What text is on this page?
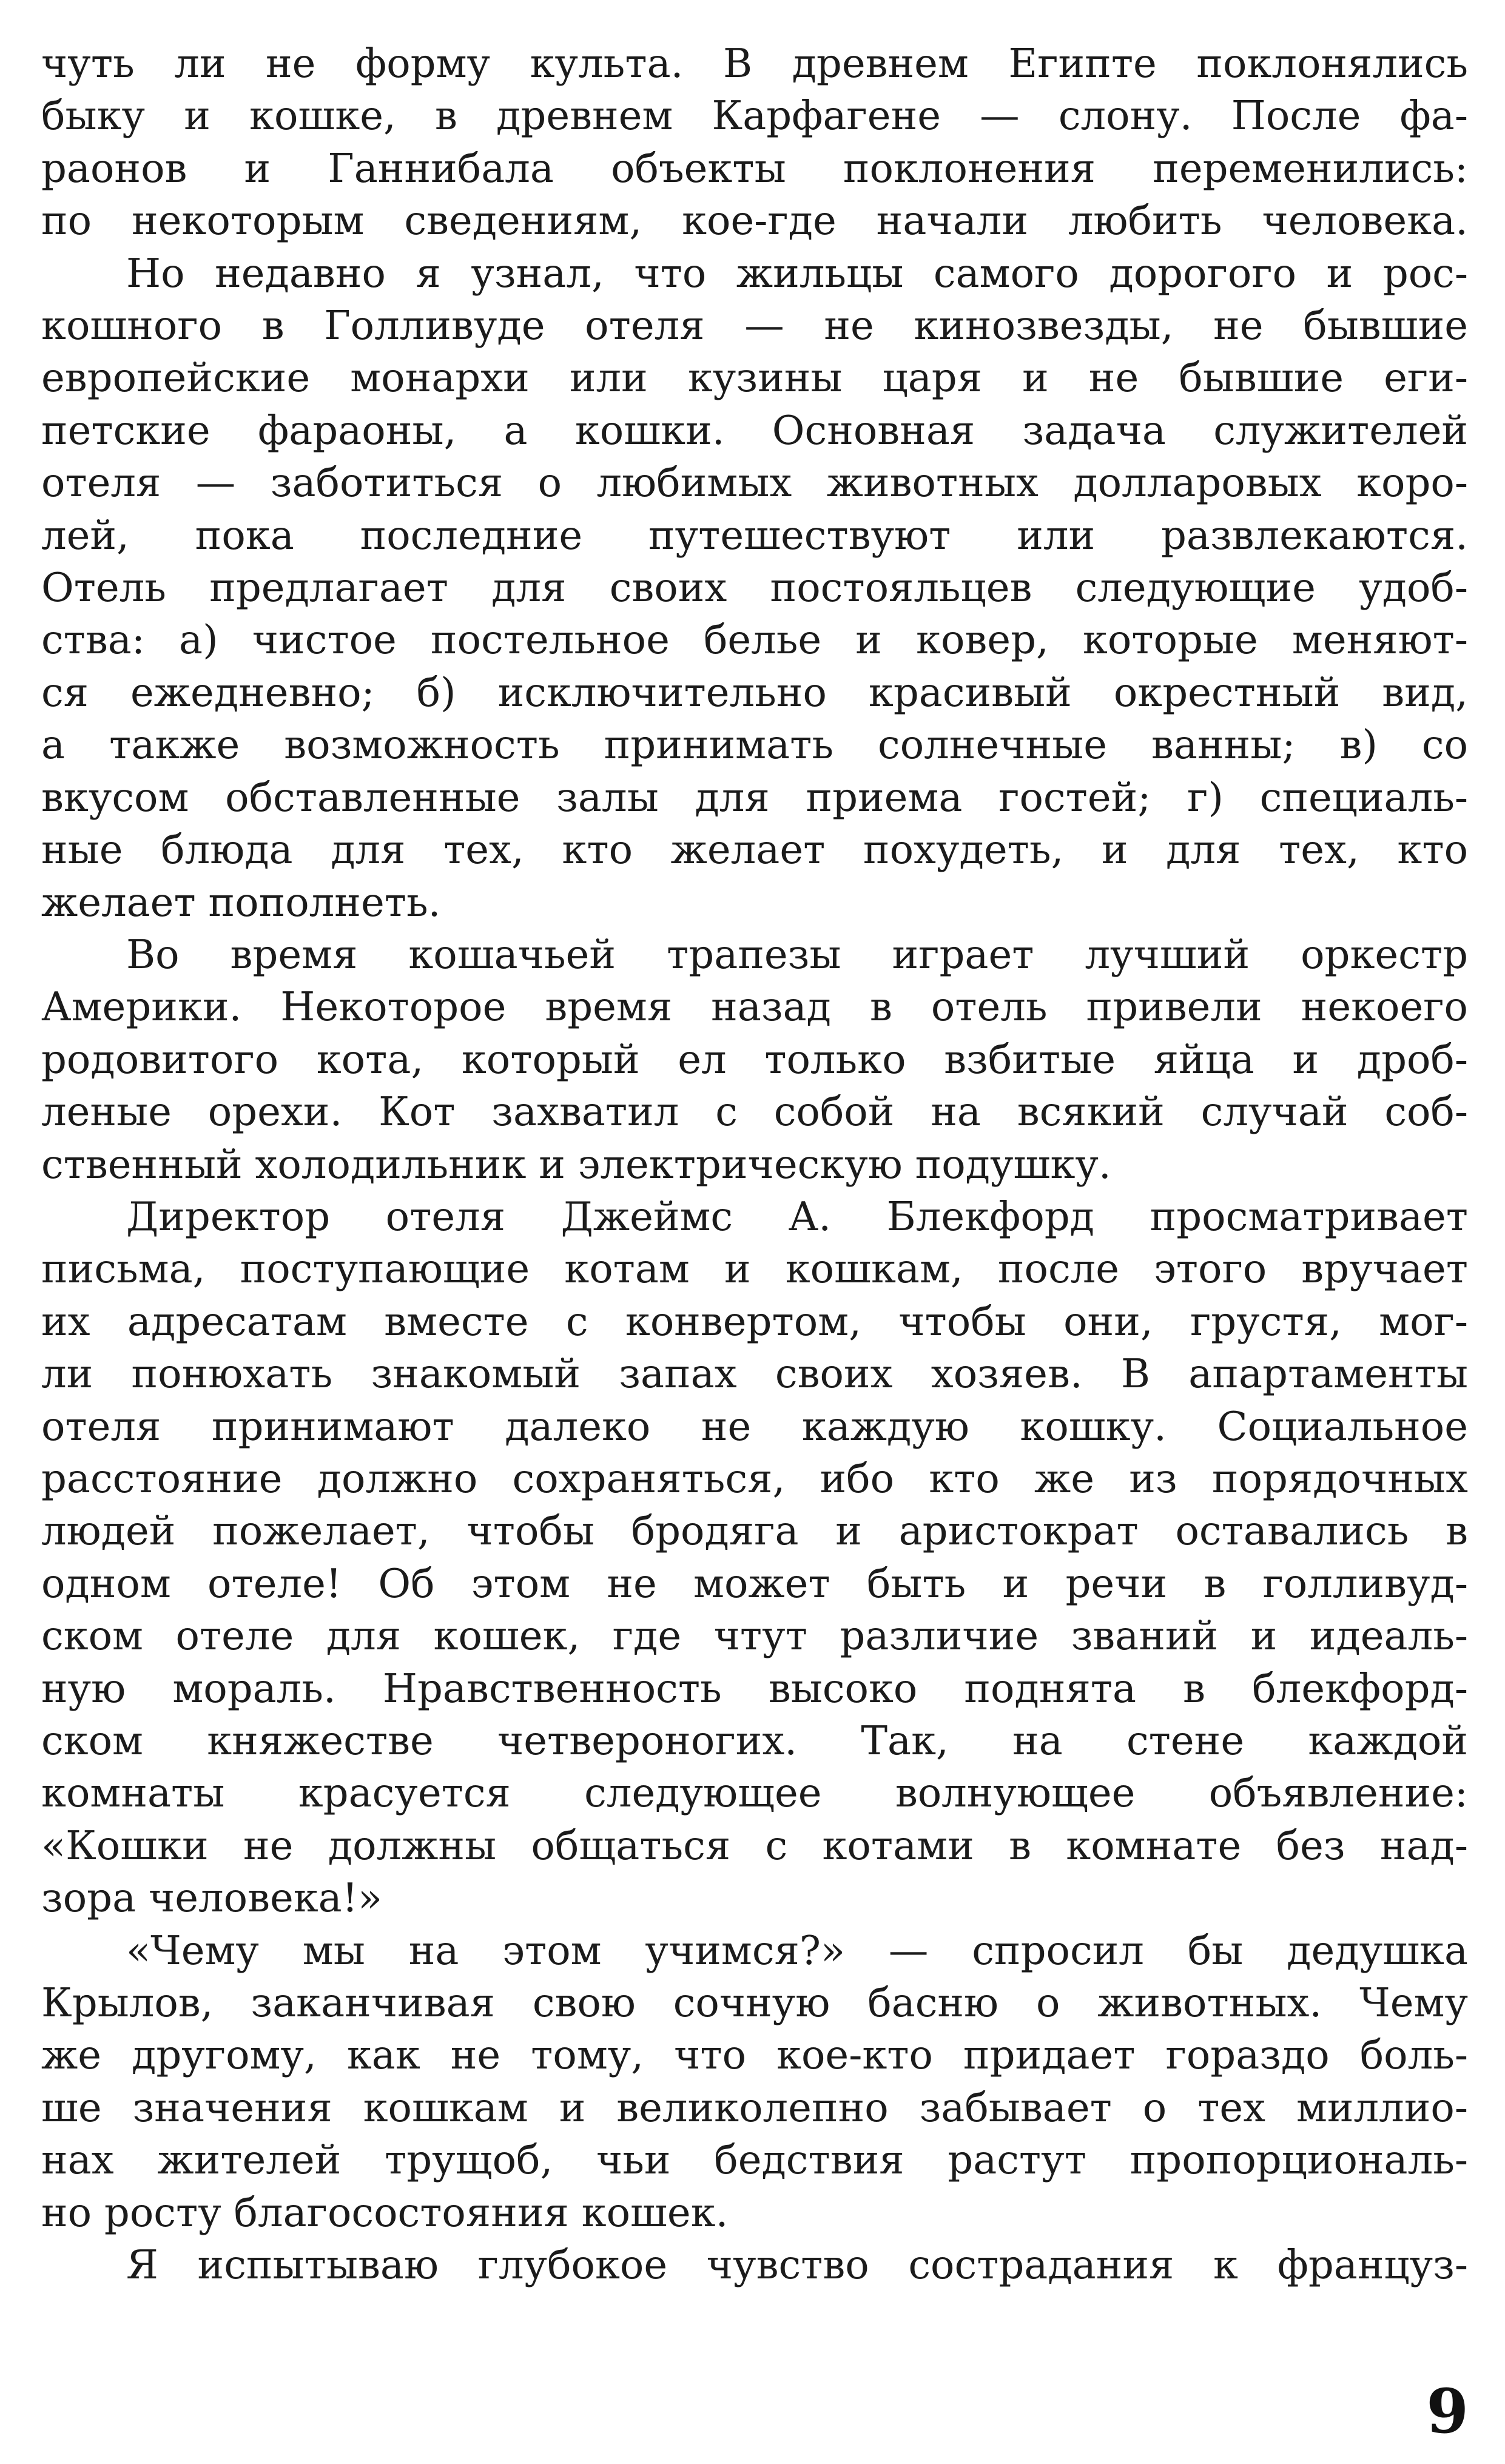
чуть ли не форму культа. В древнем Египте поклонялись
быку и кошке, в древнем Карфагене — слону. После фа-
раонов и Ганнибала объекты поклонения переменились:
по некоторым сведениям, кое-где начали любить человека.
Но недавно я узнал, что жильцы самого дорогого и рос-
кошного в Голливуде отеля — не кинозвезды, не бывшие
европейские монархи или кузины царя и не бывшие еги-
петские фараоны, а кошки. Основная задача служителей
отеля — заботиться о любимых животных долларовых коро-
лей, пока последние путешествуют или развлекаются.
Отель предлагает для своих постояльцев следующие удоб-
ства: а) чистое постельное белье и ковер, которые меняют-
ся ежедневно; б) исключительно красивый окрестный вид,
а также возможность принимать солнечные ванны; в) со
вкусом обставленные залы для приема гостей; г) специаль-
ные блюда для тех, кто желает похудеть, и для тех, кто
желает пополнеть.
Во время кошачьей трапезы играет лучший оркестр
Америки. Некоторое время назад в отель привели некоего
родовитого кота, который ел только взбитые яйца и дроб-
леные орехи. Кот захватил с собой на всякий случай соб-
ственный холодильник и электрическую подушку.
Директор отеля Джеймс А. Блекфорд просматривает
письма, поступающие котам и кошкам, после этого вручает
их адресатам вместе с конвертом, чтобы они, грустя, мог-
ли понюхать знакомый запах своих хозяев. В апартаменты
отеля принимают далеко не каждую кошку. Социальное
расстояние должно сохраняться, ибо кто же из порядочных
людей пожелает, чтобы бродяга и аристократ оставались в
одном отеле! Об этом не может быть и речи в голливуд-
ском отеле для кошек, где чтут различие званий и идеаль-
ную мораль. Нравственность высоко поднята в блекфорд-
ском княжестве четвероногих. Так, на стене каждой
комнаты красуется следующее волнующее объявление:
«Кошки не должны общаться с котами в комнате без над-
зора человека!»
«Чему мы на этом учимся?» — спросил бы дедушка
Крылов, заканчивая свою сочную басню о животных. Чему
же другому, как не тому, что кое-кто придает гораздо боль-
ше значения кошкам и великолепно забывает о тех миллио-
нах жителей трущоб, чьи бедствия растут пропорциональ-
но росту благосостояния кошек.
Я испытываю глубокое чувство сострадания к француз-
9
